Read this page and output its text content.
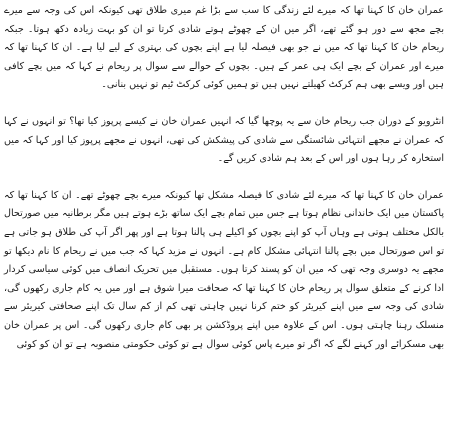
عمران خان کا کہنا تھا کہ میرے لئے زندگی کا سب سے بڑا غم میری طلاق تھی کیونکہ اس کی وجہ سے میرے بچے مجھ سے دور ہو گئے تھے، اگر میں ان کے چھوٹے ہوتے شادی کرتا تو ان کو بہت زیادہ دکھ ہوتا۔ جبکہ ریحام خان کا کہنا تھا کہ میں نے جو بھی فیصلہ لیا ہے اپنے بچوں کی بہتری کے لیے لیا ہے۔ ان کا کہنا تھا کہ میرے اور عمران کے بچے ایک ہی عمر کے ہیں۔ بچوں کے حوالے سے سوال پر ریحام نے کہا کہ میں بچے کافی ہیں اور ویسے بھی ہم کرکٹ کھیلتے نہیں ہیں تو ہمیں کوئی کرکٹ ٹیم تو نہیں بنانی۔

انٹرویو کے دوران جب ریحام خان سے یہ پوچھا گیا کہ انہیں عمران خان نے کیسے پرپوز کیا تھا؟ تو انہوں نے کہا کہ عمران نے مجھے انتہائی شائستگی سے شادی کی پیشکش کی تھی، انہوں نے مجھے پرپوز کیا اور کہا کہ میں استخارہ کر رہا ہوں اور اس کے بعد ہم شادی کریں گے۔

عمران خان کا کہنا تھا کہ میرے لئے شادی کا فیصلہ مشکل تھا کیونکہ میرے بچے چھوٹے تھے۔ ان کا کہنا تھا کہ پاکستان میں ایک خاندانی نظام ہوتا ہے جس میں تمام بچے ایک ساتھ بڑے ہوتے ہیں مگر برطانیہ میں صورتحال بالکل مختلف ہوتی ہے وہاں آپ کو اپنے بچوں کو اکیلے ہی پالنا ہوتا ہے اور پھر اگر آپ کی طلاق ہو جاتی ہے تو اس صورتحال میں بچے پالنا انتہائی مشکل کام ہے۔ انہوں نے مزید کہا کہ جب میں نے ریحام کا نام دیکھا تو مجھے یہ دوسری وجہ تھی کہ میں ان کو پسند کرتا ہوں۔ مستقبل میں تحریک انصاف میں کوئی سیاسی کردار ادا کرنے کے متعلق سوال پر ریحام خان کا کہنا تھا کہ صحافت میرا شوق ہے اور میں یہ کام جاری رکھوں گی، شادی کی وجہ سے میں اپنے کیریئر کو ختم کرنا نہیں چاہتی تھی کم از کم سال تک اپنے صحافتی کیریئر سے منسلک رہنا چاہتی ہوں۔ اس کے علاوہ میں اپنے پروڈکشن پر بھی کام جاری رکھوں گی۔ اس پر عمران خان بھی مسکرائے اور کہنے لگے کہ اگر تو میرے پاس کوئی سوال ہے تو کوئی حکومتی منصوبہ ہے تو ان کو کوئی
